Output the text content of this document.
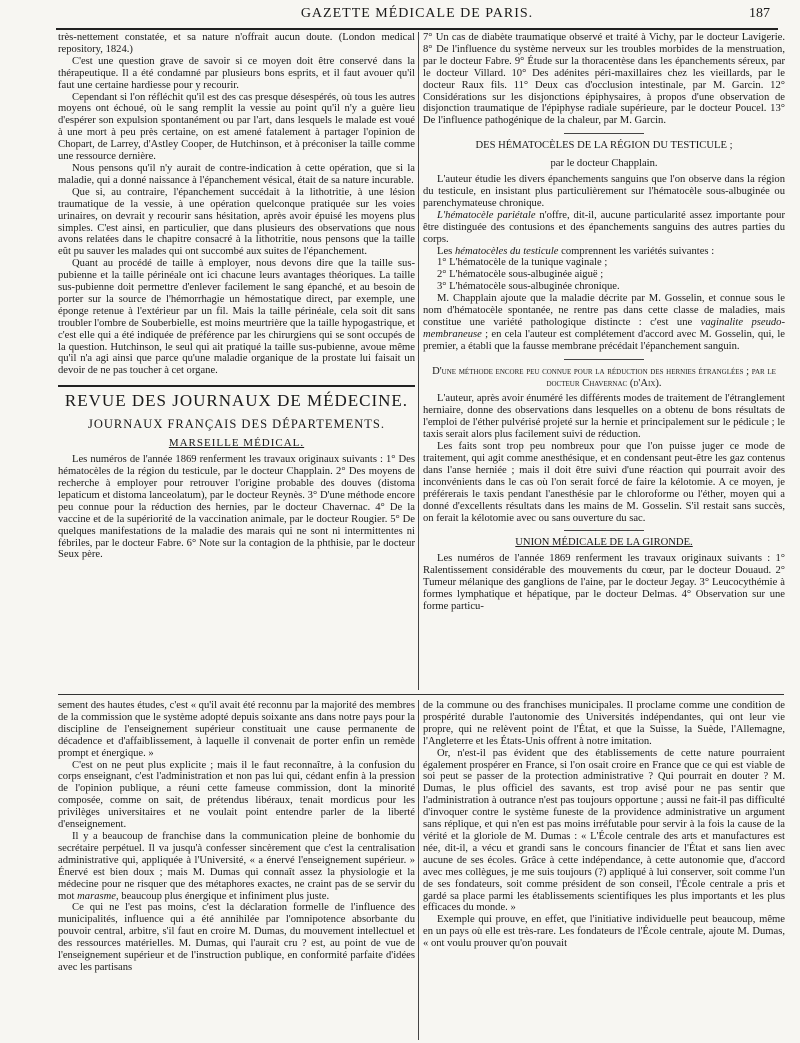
GAZETTE MÉDICALE DE PARIS.	187

très-nettement constatée, et sa nature n'offrait aucun doute. (London medical repository, 1824.)

C'est une question grave de savoir si ce moyen doit être conservé dans la thérapeutique. Il a été condamné par plusieurs bons esprits, et il faut avouer qu'il faut une certaine hardiesse pour y recourir.

Cependant si l'on réfléchit qu'il est des cas presque désespérés, où tous les autres moyens ont échoué, où le sang remplit la vessie au point qu'il n'y a guère lieu d'espérer son expulsion spontanément ou par l'art, dans lesquels le malade est voué à une mort à peu près certaine, on est amené fatalement à partager l'opinion de Chopart, de Larrey, d'Astley Cooper, de Hutchinson, et à préconiser la taille comme une ressource dernière.

Nous pensons qu'il n'y aurait de contre-indication à cette opération, que si la maladie, qui a donné naissance à l'épanchement vésical, était de sa nature incurable.

Que si, au contraire, l'épanchement succédait à la lithotritie, à une lésion traumatique de la vessie, à une opération quelconque pratiquée sur les voies urinaires, on devrait y recourir sans hésitation, après avoir épuisé les moyens plus simples. C'est ainsi, en particulier, que dans plusieurs des observations que nous avons relatées dans le chapitre consacré à la lithotritie, nous pensons que la taille eût pu sauver les malades qui ont succombé aux suites de l'épanchement.

Quant au procédé de taille à employer, nous devons dire que la taille sus-pubienne et la taille périnéale ont ici chacune leurs avantages théoriques. La taille sus-pubienne doit permettre d'enlever facilement le sang épanché, et au besoin de porter sur la source de l'hémorrhagie un hémostatique direct, par exemple, une éponge retenue à l'extérieur par un fil. Mais la taille périnéale, cela soit dit sans troubler l'ombre de Souberbielle, est moins meurtrière que la taille hypogastrique, et c'est elle qui a été indiquée de préférence par les chirurgiens qui se sont occupés de la question. Hutchinson, le seul qui ait pratiqué la taille sus-pubienne, avoue même qu'il n'a agi ainsi que parce qu'une maladie organique de la prostate lui faisait un devoir de ne pas toucher à cet organe.

REVUE DES JOURNAUX DE MÉDECINE.
JOURNAUX FRANÇAIS DES DÉPARTEMENTS.
MARSEILLE MÉDICAL.

Les numéros de l'année 1869 renferment les travaux originaux suivants : 1° Des hématocèles de la région du testicule, par le docteur Chapplain. 2° Des moyens de recherche à employer pour retrouver l'origine probable des douves (distoma lepaticum et distoma lanceolatum), par le docteur Reynès. 3° D'une méthode encore peu connue pour la réduction des hernies, par le docteur Chavernac. 4° De la vaccine et de la supériorité de la vaccination animale, par le docteur Rougier. 5° De quelques manifestations de la maladie des marais qui ne sont ni intermittentes ni fébriles, par le docteur Fabre. 6° Note sur la contagion de la phthisie, par le docteur Seux père.

7° Un cas de diabète traumatique observé et traité à Vichy, par le docteur Lavigerie. 8° De l'influence du système nerveux sur les troubles morbides de la menstruation, par le docteur Fabre. 9° Étude sur la thoracentèse dans les épanchements séreux, par le docteur Villard. 10° Des adénites péri-maxillaires chez les vieillards, par le docteur Raux fils. 11° Deux cas d'occlusion intestinale, par M. Garcin. 12° Considérations sur les disjonctions épiphysaires, à propos d'une observation de disjonction traumatique de l'épiphyse radiale supérieure, par le docteur Poucel. 13° De l'influence pathogénique de la chaleur, par M. Garcin.

DES HÉMATOCÈLES DE LA RÉGION DU TESTICULE ;

par le docteur Chapplain.

L'auteur étudie les divers épanchements sanguins que l'on observe dans la région du testicule, en insistant plus particulièrement sur l'hématocèle sous-albuginée ou parenchymateuse chronique.

L'hématocèle pariétale n'offre, dit-il, aucune particularité assez importante pour être distinguée des contusions et des épanchements sanguins des autres parties du corps.

Les hématocèles du testicule comprennent les variétés suivantes :

1° L'hématocèle de la tunique vaginale ;

2° L'hématocèle sous-albuginée aiguë ;

3° L'hématocèle sous-albuginée chronique.

M. Chapplain ajoute que la maladie décrite par M. Gosselin, et connue sous le nom d'hématocèle spontanée, ne rentre pas dans cette classe de maladies, mais constitue une variété pathologique distincte : c'est une vaginalite pseudo-membraneuse ; en cela l'auteur est complétement d'accord avec M. Gosselin, qui, le premier, a établi que la fausse membrane précédait l'épanchement sanguin.

D'une méthode encore peu connue pour la réduction des hernies étranglées ; par le docteur Chavernac (d'Aix).

L'auteur, après avoir énuméré les différents modes de traitement de l'étranglement herniaire, donne des observations dans lesquelles on a obtenu de bons résultats de l'emploi de l'éther pulvérisé projeté sur la hernie et principalement sur le pédicule ; le taxis serait alors plus facilement suivi de réduction.

Les faits sont trop peu nombreux pour que l'on puisse juger ce mode de traitement, qui agit comme anesthésique, et en condensant peut-être les gaz contenus dans l'anse herniée ; mais il doit être suivi d'une réaction qui pourrait avoir des inconvénients dans le cas où l'on serait forcé de faire la kélotomie. A ce moyen, je préférerais le taxis pendant l'anesthésie par le chloroforme ou l'éther, moyen qui a donné d'excellents résultats dans les mains de M. Gosselin. S'il restait sans succès, on ferait la kélotomie avec ou sans ouverture du sac.

UNION MÉDICALE DE LA GIRONDE.

Les numéros de l'année 1869 renferment les travaux originaux suivants : 1° Ralentissement considérable des mouvements du cœur, par le docteur Douaud. 2° Tumeur mélanique des ganglions de l'aine, par le docteur Jegay. 3° Leucocythémie à formes lymphatique et hépatique, par le docteur Delmas. 4° Observation sur une forme particu-

sement des hautes études, c'est « qu'il avait été reconnu par la majorité des membres de la commission que le système adopté depuis soixante ans dans notre pays pour la discipline de l'enseignement supérieur constituait une cause permanente de décadence et d'affaiblissement, à laquelle il convenait de porter enfin un remède prompt et énergique. »

C'est on ne peut plus explicite ; mais il le faut reconnaître, à la confusion du corps enseignant, c'est l'administration et non pas lui qui, cédant enfin à la pression de l'opinion publique, a réuni cette fameuse commission, dont la minorité composée, comme on sait, de prétendus libéraux, tenait mordicus pour les privilèges universitaires et ne voulait point entendre parler de la liberté d'enseignement.

Il y a beaucoup de franchise dans la communication pleine de bonhomie du secrétaire perpétuel. Il va jusqu'à confesser sincèrement que c'est la centralisation administrative qui, appliquée à l'Université, « a énervé l'enseignement supérieur. » Énervé est bien doux ; mais M. Dumas qui connaît assez la physiologie et la médecine pour ne risquer que des métaphores exactes, ne craint pas de se servir du mot marasme, beaucoup plus énergique et infiniment plus juste.

Ce qui ne l'est pas moins, c'est la déclaration formelle de l'influence des municipalités, influence qui a été annihilée par l'omnipotence absorbante du pouvoir central, arbitre, s'il faut en croire M. Dumas, du mouvement intellectuel et des ressources matérielles. M. Dumas, qui l'aurait cru ? est, au point de vue de l'enseignement supérieur et de l'instruction publique, en conformité parfaite d'idées avec les partisans

de la commune ou des franchises municipales. Il proclame comme une condition de prospérité durable l'autonomie des Universités indépendantes, qui ont leur vie propre, qui ne relèvent point de l'État, et que la Suisse, la Suède, l'Allemagne, l'Angleterre et les États-Unis offrent à notre imitation.

Or, n'est-il pas évident que des établissements de cette nature pourraient également prospérer en France, si l'on osait croire en France que ce qui est viable de soi peut se passer de la protection administrative ? Qui pourrait en douter ? M. Dumas, le plus officiel des savants, est trop avisé pour ne pas sentir que l'administration à outrance n'est pas toujours opportune ; aussi ne fait-il pas difficulté d'invoquer contre le système funeste de la providence administrative un argument sans réplique, et qui n'en est pas moins irréfutable pour servir à la fois la cause de la vérité et la gloriole de M. Dumas : « L'École centrale des arts et manufactures est née, dit-il, a vécu et grandi sans le concours financier de l'État et sans lien avec aucune de ses écoles. Grâce à cette indépendance, à cette autonomie que, d'accord avec mes collègues, je me suis toujours (?) appliqué à lui conserver, soit comme l'un de ses fondateurs, soit comme président de son conseil, l'École centrale a pris et gardé sa place parmi les établissements scientifiques les plus importants et les plus efficaces du monde. »

Exemple qui prouve, en effet, que l'initiative individuelle peut beaucoup, même en un pays où elle est très-rare. Les fondateurs de l'École centrale, ajoute M. Dumas, « ont voulu prouver qu'on pouvait
